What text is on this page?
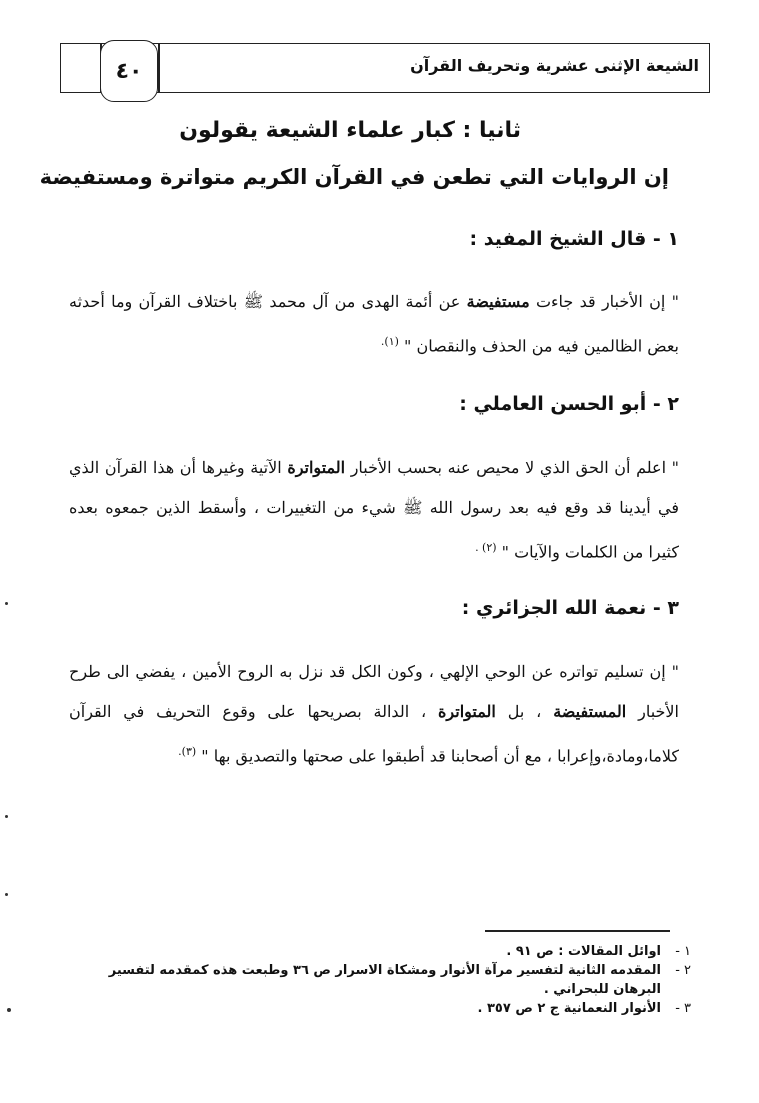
٤٠	الشيعة الإثنى عشرية وتحريف القرآن
ثانيا : كبار علماء الشيعة يقولون
إن الروايات التي تطعن في القرآن الكريم متواترة ومستفيضة
١ - قال الشيخ المفيد :
" إن الأخبار قد جاءت مستفيضة عن أئمة الهدى من آل محمد ﷺ باختلاف القرآن وما أحدثه بعض الظالمين فيه من الحذف والنقصان " $^{(١).}$
٢ - أبو الحسن العاملي :
" اعلم أن الحق الذي لا محيص عنه بحسب الأخبار المتواترة الآتية وغيرها أن هذا القرآن الذي في أيدينا قد وقع فيه بعد رسول الله ﷺ شيء من التغييرات ، وأسقط الذين جمعوه بعده كثيرا من الكلمات والآيات " $^{(٢) .}$
٣ - نعمة الله الجزائري :
" إن تسليم تواتره عن الوحي الإلهي ، وكون الكل قد نزل به الروح الأمين ، يفضي الى طرح الأخبار المستفيضة ، بل المتواترة ، الدالة بصريحها على وقوع التحريف في القرآن كلاما،ومادة،وإعرابا ، مع أن أصحابنا قد أطبقوا على صحتها والتصديق بها " $^{(٣).}$
١ -
اوائل المقالات : ص ٩١ .
٢ -
المقدمه الثانية لتفسير مرآة الأنوار ومشكاة الاسرار ص ٣٦ وطبعت هذه كمقدمه لتفسير البرهان للبحراني .
٣ -
الأنوار النعمانية ج ٢ ص ٣٥٧ .
